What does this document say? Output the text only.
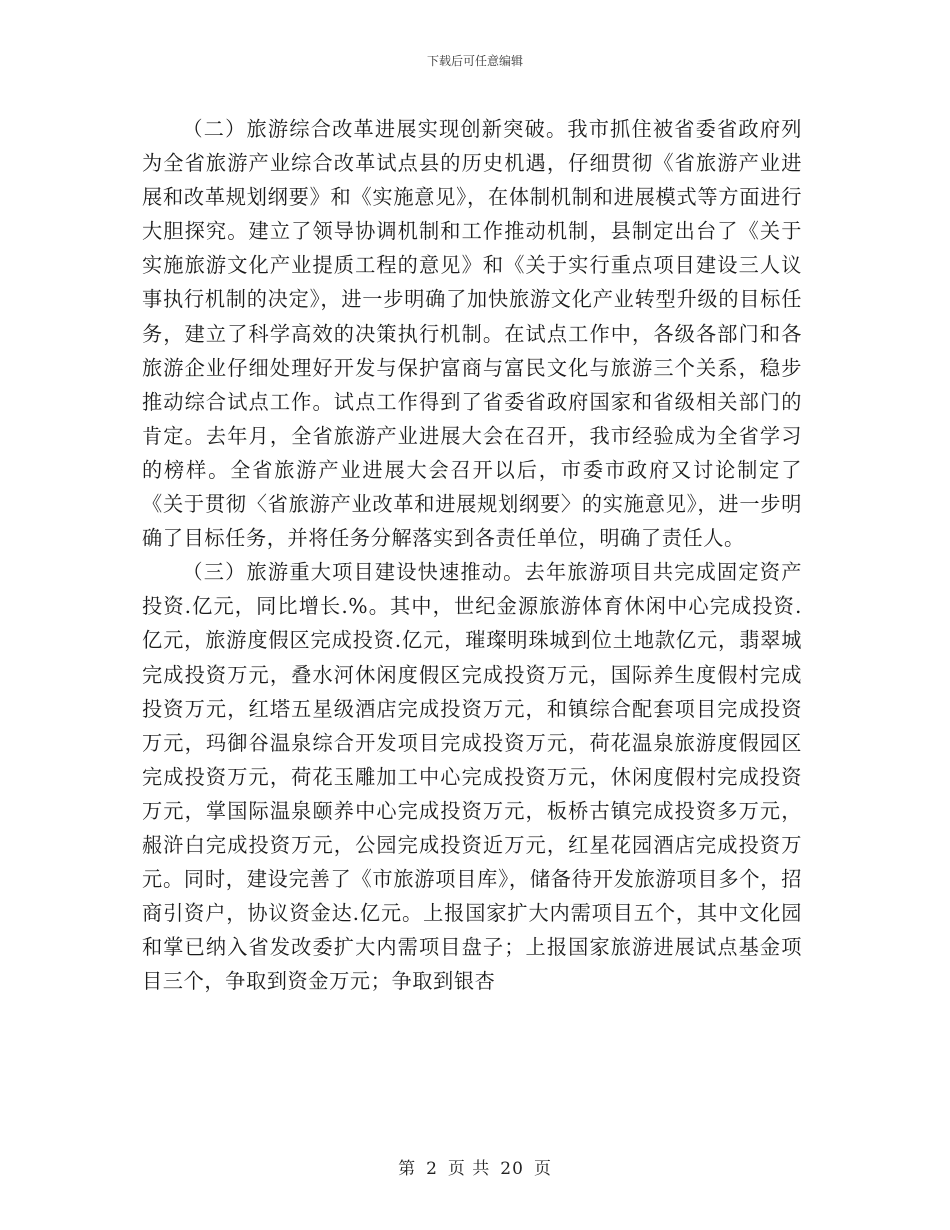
下载后可任意编辑

（二）旅游综合改革进展实现创新突破。我市抓住被省委省政府列为全省旅游产业综合改革试点县的历史机遇，仔细贯彻《省旅游产业进展和改革规划纲要》和《实施意见》，在体制机制和进展模式等方面进行大胆探究。建立了领导协调机制和工作推动机制，县制定出台了《关于实施旅游文化产业提质工程的意见》和《关于实行重点项目建设三人议事执行机制的决定》，进一步明确了加快旅游文化产业转型升级的目标任务，建立了科学高效的决策执行机制。在试点工作中，各级各部门和各旅游企业仔细处理好开发与保护富商与富民文化与旅游三个关系，稳步推动综合试点工作。试点工作得到了省委省政府国家和省级相关部门的肯定。去年月，全省旅游产业进展大会在召开，我市经验成为全省学习的榜样。全省旅游产业进展大会召开以后，市委市政府又讨论制定了《关于贯彻〈省旅游产业改革和进展规划纲要〉的实施意见》，进一步明确了目标任务，并将任务分解落实到各责任单位，明确了责任人。

（三）旅游重大项目建设快速推动。去年旅游项目共完成固定资产投资.亿元，同比增长.%。其中，世纪金源旅游体育休闲中心完成投资.亿元，旅游度假区完成投资.亿元，璀璨明珠城到位土地款亿元，翡翠城完成投资万元，叠水河休闲度假区完成投资万元，国际养生度假村完成投资万元，红塔五星级酒店完成投资万元，和镇综合配套项目完成投资万元，玛御谷温泉综合开发项目完成投资万元，荷花温泉旅游度假园区完成投资万元，荷花玉雕加工中心完成投资万元，休闲度假村完成投资万元，掌国际温泉颐养中心完成投资万元，板桥古镇完成投资多万元，赧浒白完成投资万元，公园完成投资近万元，红星花园酒店完成投资万元。同时，建设完善了《市旅游项目库》，储备待开发旅游项目多个，招商引资户，协议资金达.亿元。上报国家扩大内需项目五个，其中文化园和掌已纳入省发改委扩大内需项目盘子；上报国家旅游进展试点基金项目三个，争取到资金万元；争取到银杏

第 2 页 共 20 页
